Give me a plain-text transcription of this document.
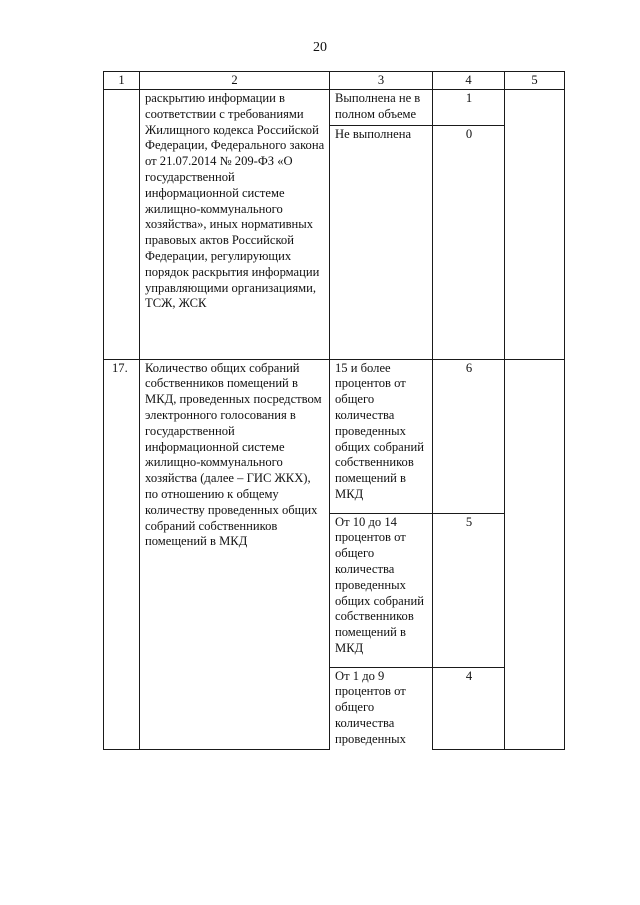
20
1	2	3	4	5

	раскрытию информации в соответствии с требованиями Жилищного кодекса Российской Федерации, Федерального закона от 21.07.2014 № 209-ФЗ «О государственной информационной системе жилищно-коммунального хозяйства», иных нормативных правовых актов Российской Федерации, регулирующих порядок раскрытия информации управляющими организациями, ТСЖ, ЖСК	Выполнена не в полном объеме	1	
		Не выполнена	0	
17.	Количество общих собраний собственников помещений в МКД, проведенных посредством электронного голосования в государственной информационной системе жилищно-коммунального хозяйства (далее – ГИС ЖКХ), по отношению к общему количеству проведенных общих собраний собственников помещений в МКД	15 и более процентов от общего количества проведенных общих собраний собственников помещений в МКД	6	
		От 10 до 14 процентов от общего количества проведенных общих собраний собственников помещений в МКД	5	
		От 1 до 9 процентов от общего количества проведенных	4	
